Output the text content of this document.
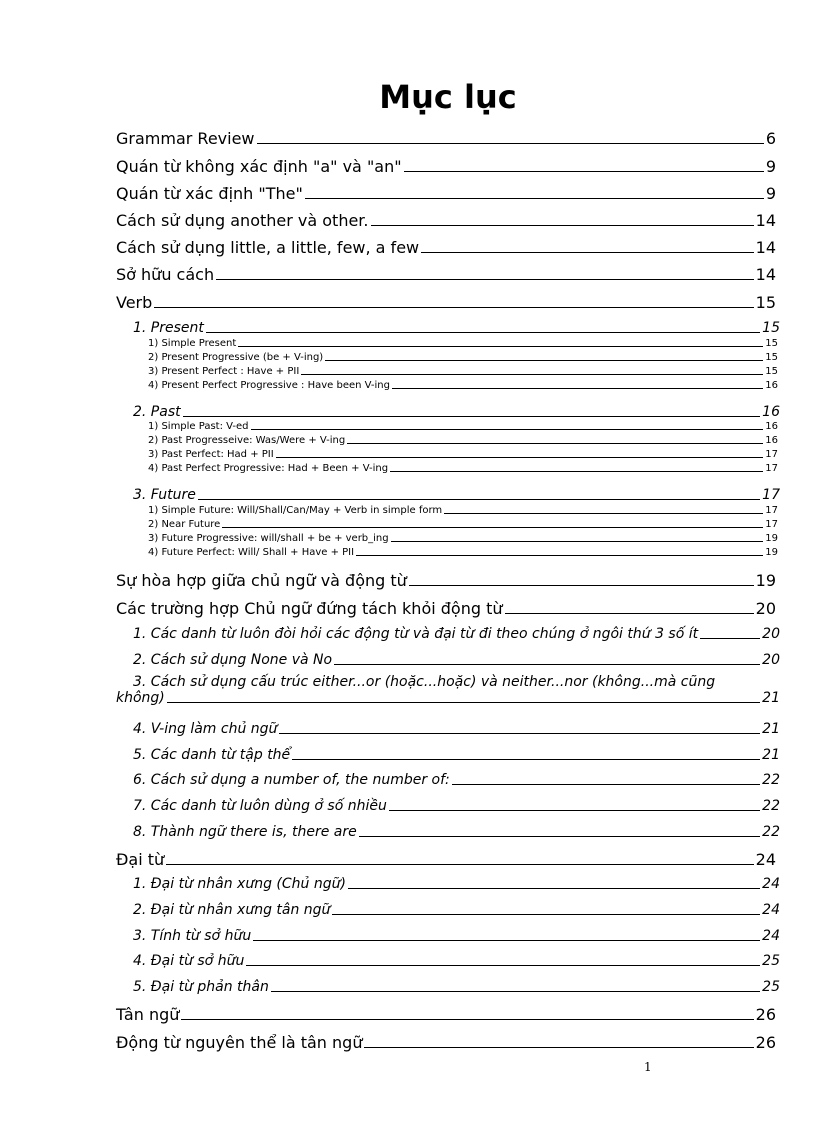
Mục lục
Grammar Review	6
Quán từ không xác định "a" và "an"	9
Quán từ xác định "The"	9
Cách sử dụng another và other.	14
Cách sử dụng little, a little, few, a few	14
Sở hữu cách	14
Verb	15
1. Present	15
1) Simple Present	15
2) Present Progressive (be + V-ing)	15
3) Present Perfect : Have + PII	15
4) Present Perfect Progressive : Have been V-ing	16
2. Past	16
1) Simple Past: V-ed	16
2) Past Progresseive: Was/Were + V-ing	16
3) Past Perfect: Had + PII	17
4) Past Perfect Progressive: Had + Been + V-ing	17
3. Future	17
1) Simple Future: Will/Shall/Can/May + Verb in simple form	17
2) Near Future	17
3) Future Progressive: will/shall + be + verb_ing	19
4) Future Perfect: Will/ Shall + Have + PII	19
Sự hòa hợp giữa chủ ngữ và động từ	19
Các trường hợp Chủ ngữ đứng tách khỏi động từ	20
1. Các danh từ luôn đòi hỏi các động từ và đại từ đi theo chúng ở ngôi thứ 3 số ít	20
2. Cách sử dụng None và No	20
3. Cách sử dụng cấu trúc either...or (hoặc...hoặc) và neither...nor (không...mà cũng
không)	21
4. V-ing làm chủ ngữ	21
5. Các danh từ tập thể	21
6. Cách sử dụng a number of, the number of:	22
7. Các danh từ luôn dùng ở số nhiều	22
8. Thành ngữ there is, there are	22
Đại từ	24
1. Đại từ nhân xưng (Chủ ngữ)	24
2. Đại từ nhân xưng tân ngữ	24
3. Tính từ sở hữu	24
4. Đại từ sở hữu	25
5. Đại từ phản thân	25
Tân ngữ	26
Động từ nguyên thể là tân ngữ	26
1
